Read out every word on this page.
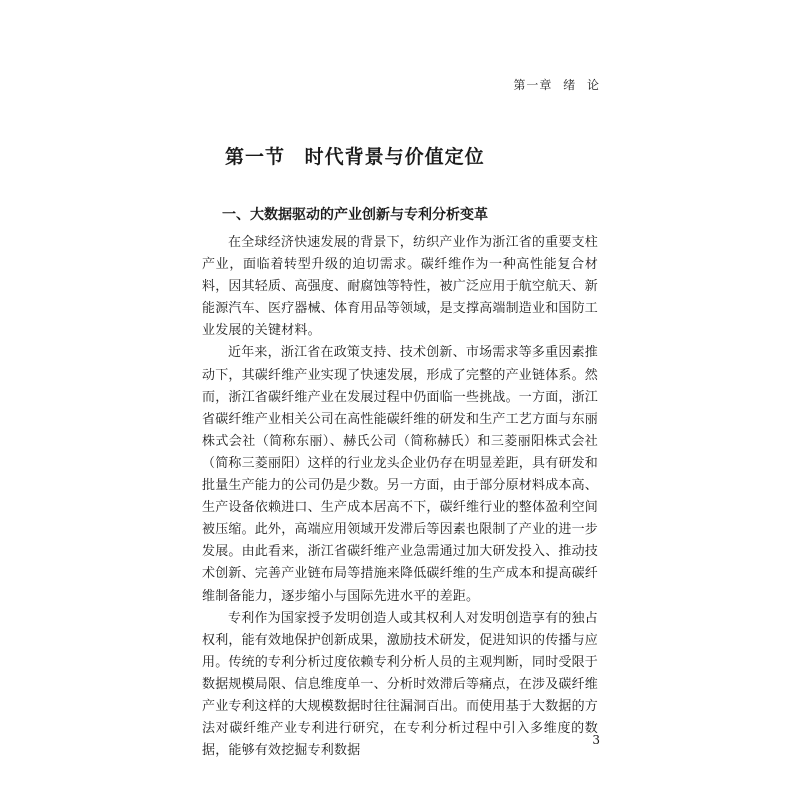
第一章 绪 论
第一节 时代背景与价值定位
一、大数据驱动的产业创新与专利分析变革

在全球经济快速发展的背景下，纺织产业作为浙江省的重要支柱产业，面临着转型升级的迫切需求。碳纤维作为一种高性能复合材料，因其轻质、高强度、耐腐蚀等特性，被广泛应用于航空航天、新能源汽车、医疗器械、体育用品等领域，是支撑高端制造业和国防工业发展的关键材料。

近年来，浙江省在政策支持、技术创新、市场需求等多重因素推动下，其碳纤维产业实现了快速发展，形成了完整的产业链体系。然而，浙江省碳纤维产业在发展过程中仍面临一些挑战。一方面，浙江省碳纤维产业相关公司在高性能碳纤维的研发和生产工艺方面与东丽株式会社（简称东丽）、赫氏公司（简称赫氏）和三菱丽阳株式会社（简称三菱丽阳）这样的行业龙头企业仍存在明显差距，具有研发和批量生产能力的公司仍是少数。另一方面，由于部分原材料成本高、生产设备依赖进口、生产成本居高不下，碳纤维行业的整体盈利空间被压缩。此外，高端应用领域开发滞后等因素也限制了产业的进一步发展。由此看来，浙江省碳纤维产业急需通过加大研发投入、推动技术创新、完善产业链布局等措施来降低碳纤维的生产成本和提高碳纤维制备能力，逐步缩小与国际先进水平的差距。

专利作为国家授予发明创造人或其权利人对发明创造享有的独占权利，能有效地保护创新成果，激励技术研发，促进知识的传播与应用。传统的专利分析过度依赖专利分析人员的主观判断，同时受限于数据规模局限、信息维度单一、分析时效滞后等痛点，在涉及碳纤维产业专利这样的大规模数据时往往漏洞百出。而使用基于大数据的方法对碳纤维产业专利进行研究，在专利分析过程中引入多维度的数据，能够有效挖掘专利数据

3
